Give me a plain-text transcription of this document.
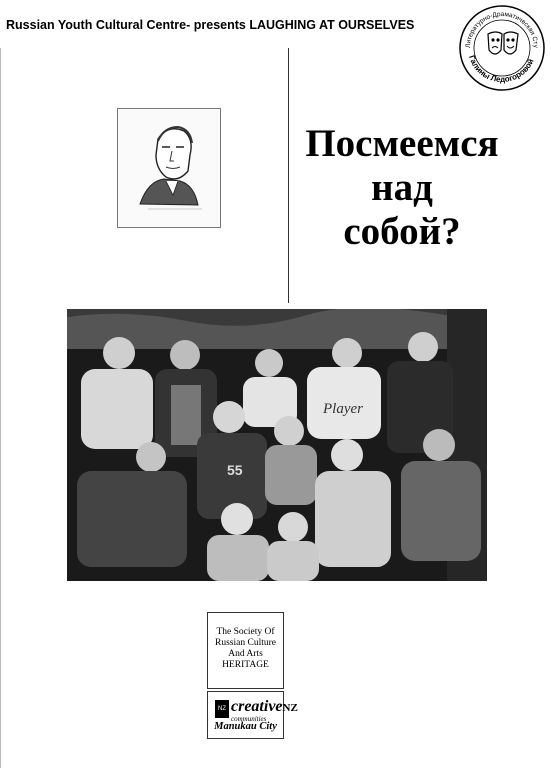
Russian Youth Cultural Centre- presents LAUGHING AT OURSELVES
Литературно-Драматическая Сту
Галины Ледогоровой
Посмеемся
над
собой?
Player
55
The Society Of
Russian Culture
And Arts
HERITAGE
NZ creativeNZ
communities
Manukau City
